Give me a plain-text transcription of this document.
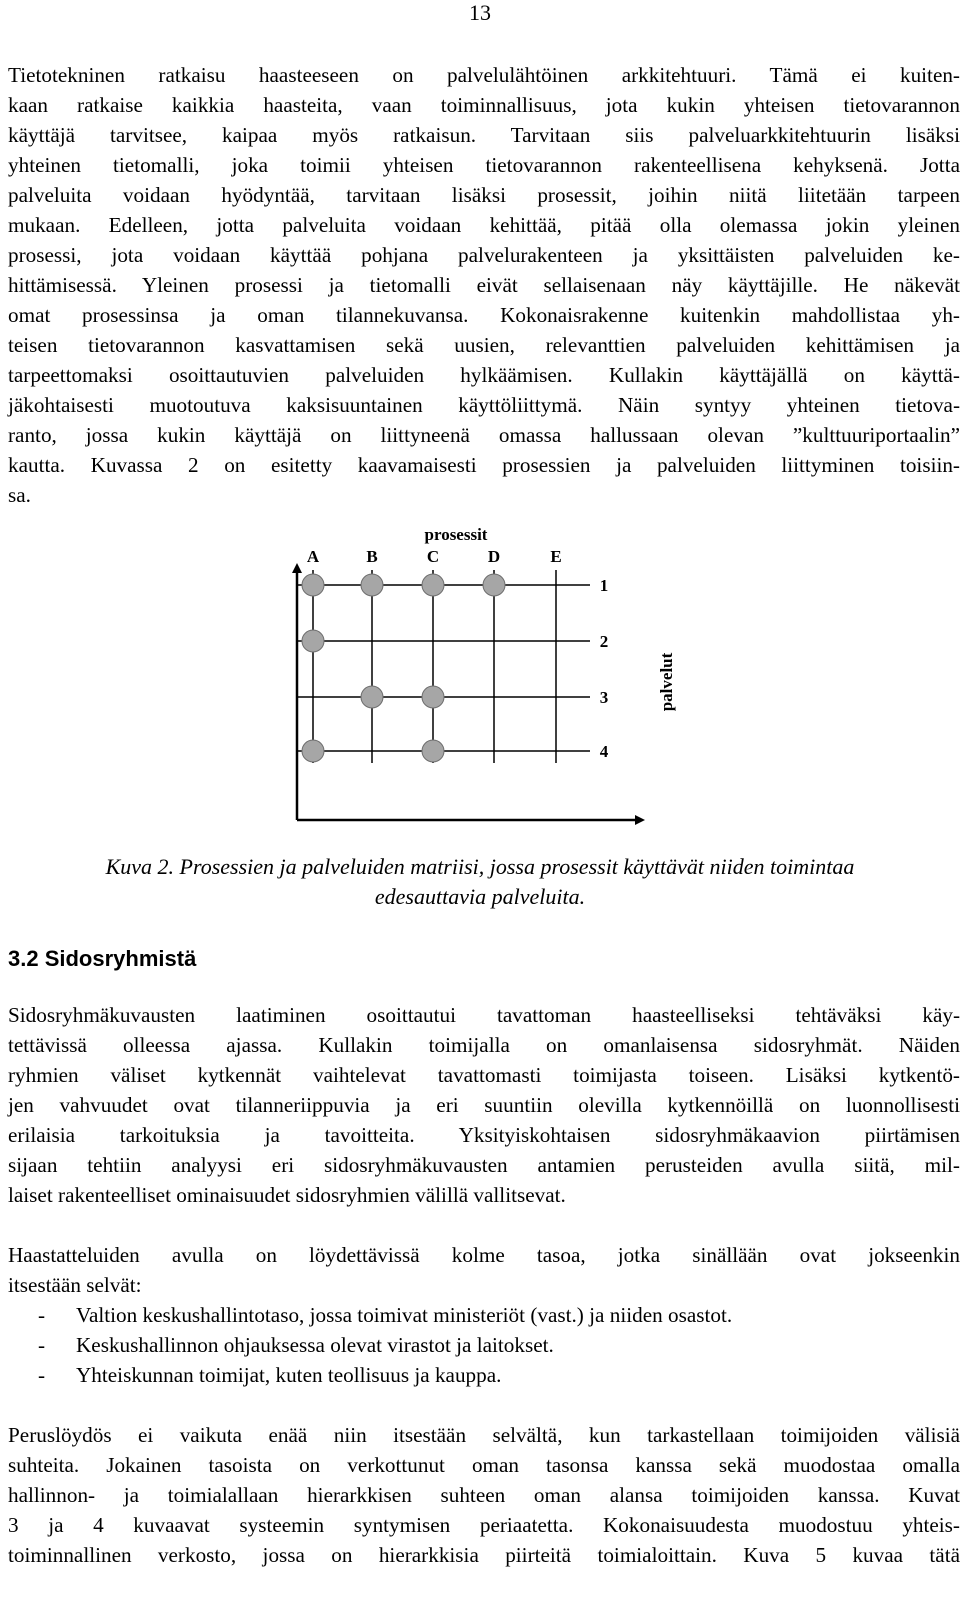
13

Tietotekninen ratkaisu haasteeseen on palvelulähtöinen arkkitehtuuri. Tämä ei kuiten-
kaan ratkaise kaikkia haasteita, vaan toiminnallisuus, jota kukin yhteisen tietovarannon
käyttäjä tarvitsee, kaipaa myös ratkaisun. Tarvitaan siis palveluarkkitehtuurin lisäksi
yhteinen tietomalli, joka toimii yhteisen tietovarannon rakenteellisena kehyksenä. Jotta
palveluita voidaan hyödyntää, tarvitaan lisäksi prosessit, joihin niitä liitetään tarpeen
mukaan. Edelleen, jotta palveluita voidaan kehittää, pitää olla olemassa jokin yleinen
prosessi, jota voidaan käyttää pohjana palvelurakenteen ja yksittäisten palveluiden ke-
hittämisessä. Yleinen prosessi ja tietomalli eivät sellaisenaan näy käyttäjille. He näkevät
omat prosessinsa ja oman tilannekuvansa. Kokonaisrakenne kuitenkin mahdollistaa yh-
teisen tietovarannon kasvattamisen sekä uusien, relevanttien palveluiden kehittämisen ja
tarpeettomaksi osoittautuvien palveluiden hylkäämisen. Kullakin käyttäjällä on käyttä-
jäkohtaisesti muotoutuva kaksisuuntainen käyttöliittymä. Näin syntyy yhteinen tietova-
ranto, jossa kukin käyttäjä on liittyneenä omassa hallussaan olevan ”kulttuuriportaalin”
kautta. Kuvassa 2 on esitetty kaavamaisesti prosessien ja palveluiden liittyminen toisiin-
sa.

prosessit
palvelut
A	B	C	D	E
1
2
3
4
Kuva 2. Prosessien ja palveluiden matriisi, jossa prosessit käyttävät niiden toimintaa
edesauttavia palveluita.
3.2 Sidosryhmistä

Sidosryhmäkuvausten laatiminen osoittautui tavattoman haasteelliseksi tehtäväksi käy-
tettävissä olleessa ajassa. Kullakin toimijalla on omanlaisensa sidosryhmät. Näiden
ryhmien väliset kytkennät vaihtelevat tavattomasti toimijasta toiseen. Lisäksi kytkentö-
jen vahvuudet ovat tilanneriippuvia ja eri suuntiin olevilla kytkennöillä on luonnollisesti
erilaisia tarkoituksia ja tavoitteita. Yksityiskohtaisen sidosryhmäkaavion piirtämisen
sijaan tehtiin analyysi eri sidosryhmäkuvausten antamien perusteiden avulla siitä, mil-
laiset rakenteelliset ominaisuudet sidosryhmien välillä vallitsevat.

Haastatteluiden avulla on löydettävissä kolme tasoa, jotka sinällään ovat jokseenkin
itsestään selvät:

- Valtion keskushallintotaso, jossa toimivat ministeriöt (vast.) ja niiden osastot.
- Keskushallinnon ohjauksessa olevat virastot ja laitokset.
- Yhteiskunnan toimijat, kuten teollisuus ja kauppa.

Peruslöydös ei vaikuta enää niin itsestään selvältä, kun tarkastellaan toimijoiden välisiä
suhteita. Jokainen tasoista on verkottunut oman tasonsa kanssa sekä muodostaa omalla
hallinnon- ja toimialallaan hierarkkisen suhteen oman alansa toimijoiden kanssa. Kuvat
3 ja 4 kuvaavat systeemin syntymisen periaatetta. Kokonaisuudesta muodostuu yhteis-
toiminnallinen verkosto, jossa on hierarkkisia piirteitä toimialoittain. Kuva 5 kuvaa tätä
